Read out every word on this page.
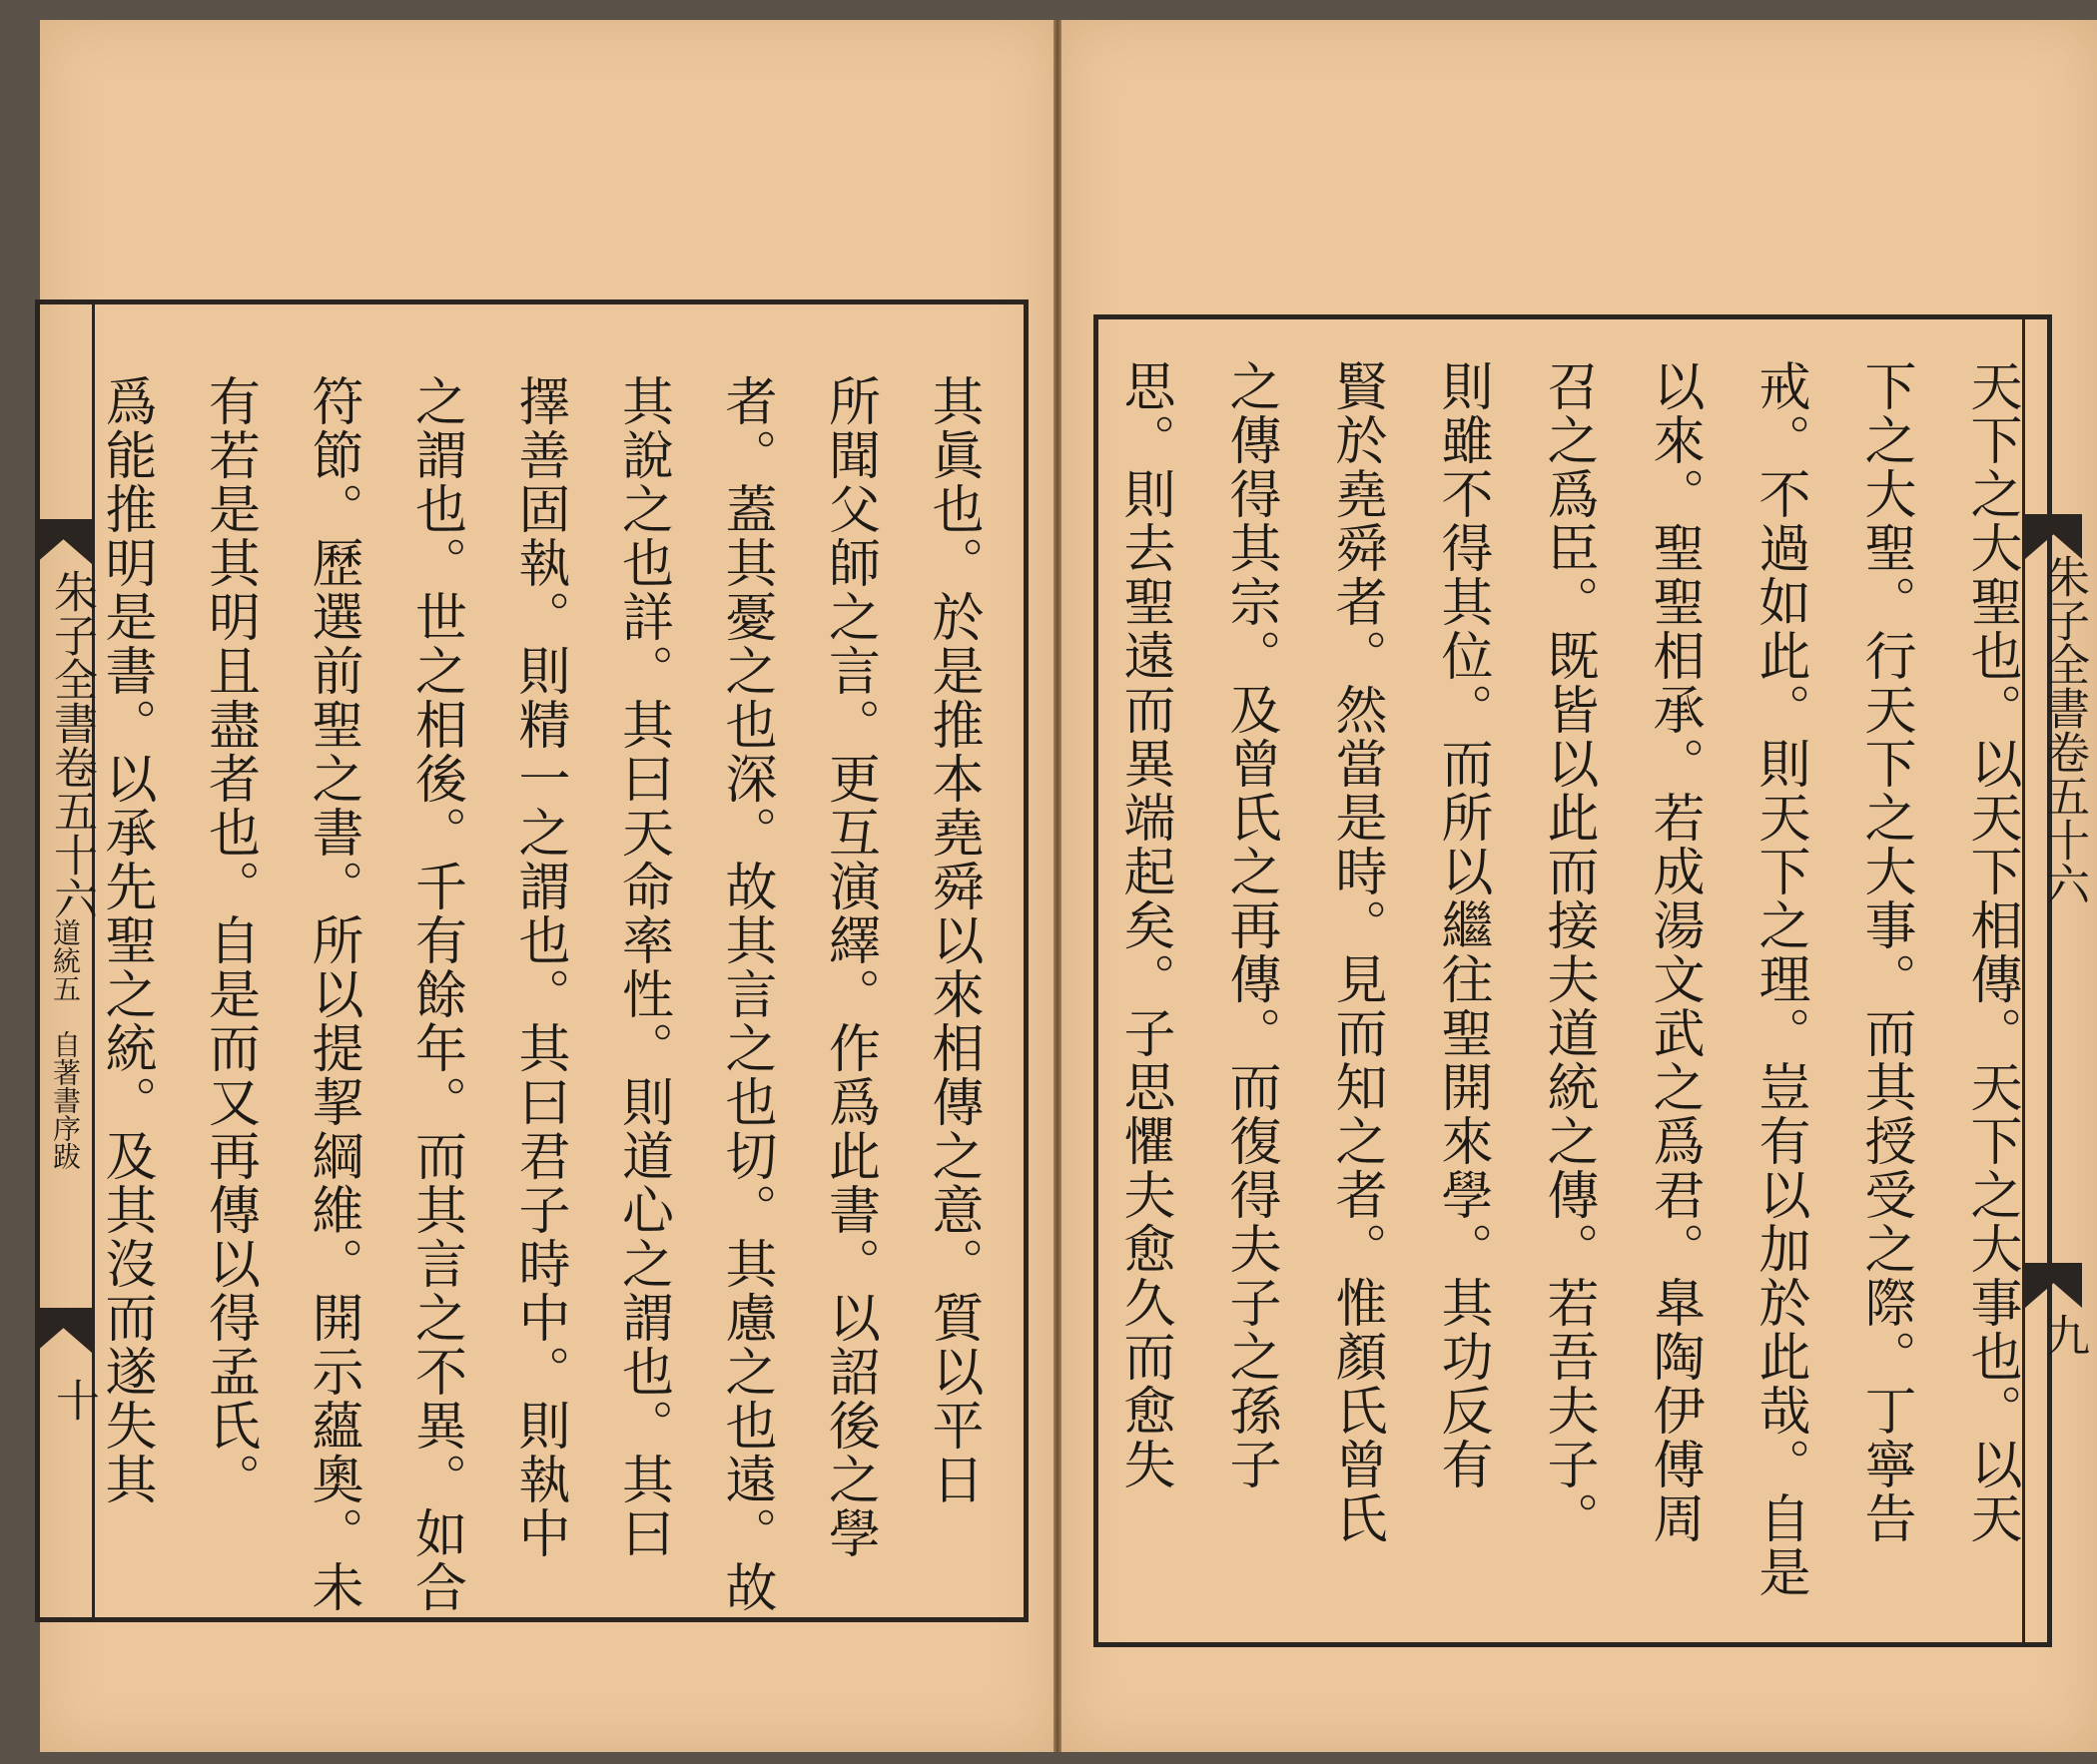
朱子全書卷五十六
道統五　自著書序跋
十	其眞也。於是推本堯舜以來相傳之意。質以平日
所聞父師之言。更互演繹。作爲此書。以詔後之學
者。蓋其憂之也深。故其言之也切。其慮之也遠。故
其說之也詳。其曰天命率性。則道心之謂也。其曰
擇善固執。則精一之謂也。其曰君子時中。則執中
之謂也。世之相後。千有餘年。而其言之不異。如合
符節。歷選前聖之書。所以提挈綱維。開示蘊奧。未
有若是其明且盡者也。自是而又再傳以得孟氏。
爲能推明是書。以承先聖之統。及其沒而遂失其	朱子全書卷五十六
九
天下之大聖也。以天下相傳。天下之大事也。以天
下之大聖。行天下之大事。而其授受之際。丁寧告
戒。不過如此。則天下之理。豈有以加於此哉。自是
以來。聖聖相承。若成湯文武之爲君。臯陶伊傅周
召之爲臣。既皆以此而接夫道統之傳。若吾夫子。
則雖不得其位。而所以繼往聖開來學。其功反有
賢於堯舜者。然當是時。見而知之者。惟顏氏曾氏
之傳得其宗。及曾氏之再傳。而復得夫子之孫子
思。則去聖遠而異端起矣。子思懼夫愈久而愈失
